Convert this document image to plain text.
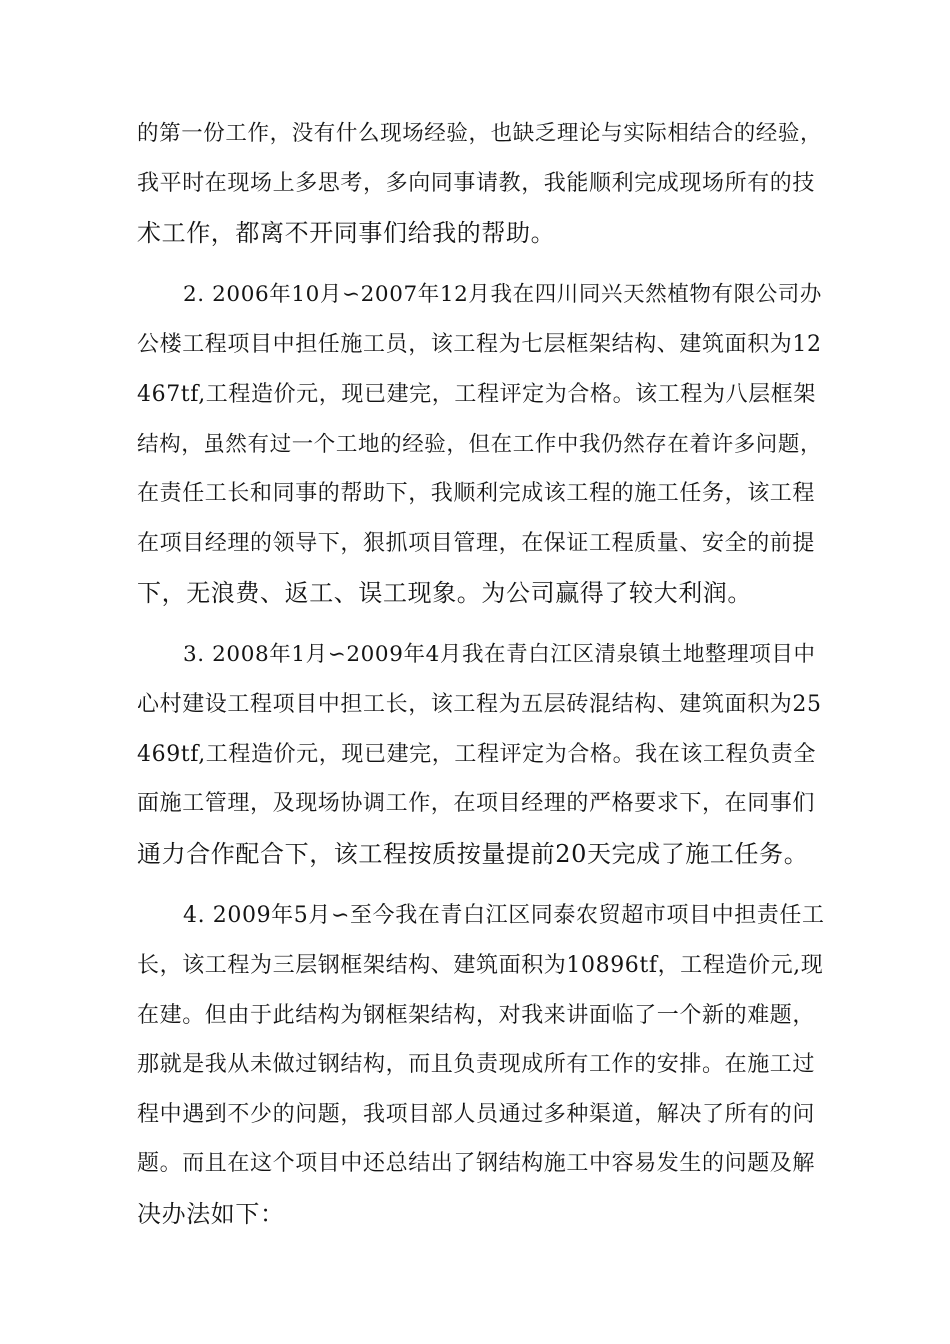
的第一份工作，没有什么现场经验，也缺乏理论与实际相结合的经验，
我平时在现场上多思考，多向同事请教，我能顺利完成现场所有的技
术工作，都离不开同事们给我的帮助。
2. 2006年10月∽2007年12月我在四川同兴天然植物有限公司办
公楼工程项目中担任施工员，该工程为七层框架结构、建筑面积为12
467tf,工程造价元，现已建完，工程评定为合格。该工程为八层框架
结构，虽然有过一个工地的经验，但在工作中我仍然存在着许多问题，
在责任工长和同事的帮助下，我顺利完成该工程的施工任务，该工程
在项目经理的领导下，狠抓项目管理，在保证工程质量、安全的前提
下，无浪费、返工、误工现象。为公司赢得了较大利润。
3. 2008年1月∽2009年4月我在青白江区清泉镇土地整理项目中
心村建设工程项目中担工长，该工程为五层砖混结构、建筑面积为25
469tf,工程造价元，现已建完，工程评定为合格。我在该工程负责全
面施工管理，及现场协调工作，在项目经理的严格要求下，在同事们
通力合作配合下，该工程按质按量提前20天完成了施工任务。
4. 2009年5月∽至今我在青白江区同泰农贸超市项目中担责任工
长，该工程为三层钢框架结构、建筑面积为10896tf，工程造价元,现
在建。但由于此结构为钢框架结构，对我来讲面临了一个新的难题，
那就是我从未做过钢结构，而且负责现成所有工作的安排。在施工过
程中遇到不少的问题，我项目部人员通过多种渠道，解决了所有的问
题。而且在这个项目中还总结出了钢结构施工中容易发生的问题及解
决办法如下：
